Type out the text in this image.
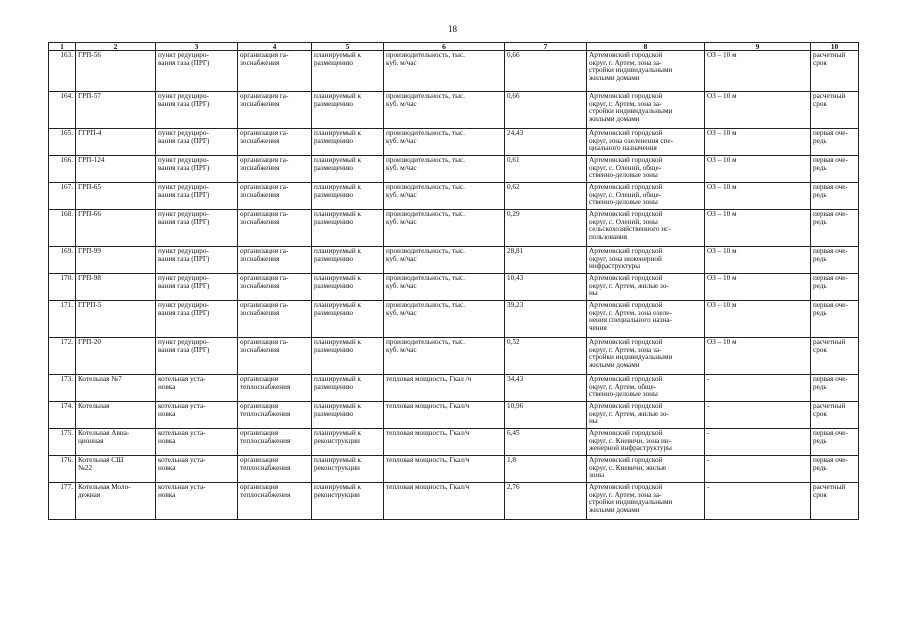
18
1	2	3	4	5	6	7	8	9	10
163.	ГРП-56	пункт редуциро-
вания газа (ПРГ)	организация га-
зоснабжения	планируемый к
размещению	производительность, тыс.
куб. м/час	0,66	Артемовский городской
округ, г. Артем, зона за-
стройки индивидуальными
жилыми домами	ОЗ – 10 м	расчетный
срок
164.	ГРП-57	пункт редуциро-
вания газа (ПРГ)	организация га-
зоснабжения	планируемый к
размещению	производительность, тыс.
куб. м/час	0,66	Артемовский городской
округ, г. Артем, зона за-
стройки индивидуальными
жилыми домами	ОЗ – 10 м	расчетный
срок
165.	ГГРП-4	пункт редуциро-
вания газа (ПРГ)	организация га-
зоснабжения	планируемый к
размещению	производительность, тыс.
куб. м/час	24,43	Артемовский городской
округ, зона озеленения спе-
циального назначения	ОЗ – 10 м	первая оче-
редь
166.	ГРП-124	пункт редуциро-
вания газа (ПРГ)	организация га-
зоснабжения	планируемый к
размещению	производительность, тыс.
куб. м/час	0,61	Артемовский городской
округ, с. Олений, обще-
ственно-деловые зоны	ОЗ – 10 м	первая оче-
редь
167.	ГРП-65	пункт редуциро-
вания газа (ПРГ)	организация га-
зоснабжения	планируемый к
размещению	производительность, тыс.
куб. м/час	0,62	Артемовский городской
округ, с. Олений, обще-
ственно-деловые зоны	ОЗ – 10 м	первая оче-
редь
168.	ГРП-66	пункт редуциро-
вания газа (ПРГ)	организация га-
зоснабжения	планируемый к
размещению	производительность, тыс.
куб. м/час	0,29	Артемовский городской
округ, с. Олений, зоны
сельскохозяйственного ис-
пользования	ОЗ – 10 м	первая оче-
редь
169.	ГРП-99	пункт редуциро-
вания газа (ПРГ)	организация га-
зоснабжения	планируемый к
размещению	производительность, тыс.
куб. м/час	28,81	Артемовский городской
округ, зона инженерной
инфраструктуры	ОЗ – 10 м	первая оче-
редь
170.	ГРП-98	пункт редуциро-
вания газа (ПРГ)	организация га-
зоснабжения	планируемый к
размещению	производительность, тыс.
куб. м/час	10,43	Артемовский городской
округ, г. Артем, жилые зо-
ны	ОЗ – 10 м	первая оче-
редь
171.	ГГРП-5	пункт редуциро-
вания газа (ПРГ)	организация га-
зоснабжения	планируемый к
размещению	производительность, тыс.
куб. м/час	39,23	Артемовский городской
округ, г. Артем, зона озеле-
нения специального назна-
чения	ОЗ – 10 м	первая оче-
редь
172.	ГРП-20	пункт редуциро-
вания газа (ПРГ)	организация га-
зоснабжения	планируемый к
размещению	производительность, тыс.
куб. м/час	0,52	Артемовский городской
округ, г. Артем, зона за-
стройки индивидуальными
жилыми домами	ОЗ – 10 м	расчетный
срок
173.	Котельная №7	котельная уста-
новка	организация
теплоснабжения	планируемый к
размещению	тепловая мощность, Гкал /ч	34,43	Артемовский городской
округ, г. Артем, обще-
ственно-деловые зоны	-	первая оче-
редь
174.	Котельная	котельная уста-
новка	организация
теплоснабжения	планируемый к
размещению	тепловая мощность, Гкал/ч	10,96	Артемовский городской
округ, г. Артем, жилые зо-
ны	-	расчетный
срок
175.	Котельная Авиа-
ционная	котельная уста-
новка	организация
теплоснабжения	планируемый к
реконструкции	тепловая мощность, Гкал/ч	6,45	Артемовский городской
округ, с. Кневичи, зона ин-
женерной инфраструктуры	-	первая оче-
редь
176.	Котельная СШ
№22	котельная уста-
новка	организация
теплоснабжения	планируемый к
реконструкции	тепловая мощность, Гкал/ч	1,8	Артемовский городской
округ, с. Кневичи, жилые
зоны	-	первая оче-
редь
177.	Котельная Моло-
дежная	котельная уста-
новка	организация
теплоснабжения	планируемый к
реконструкции	тепловая мощность, Гкал/ч	2,76	Артемовский городской
округ, г. Артем, зона за-
стройки индивидуальными
жилыми домами	-	расчетный
срок
